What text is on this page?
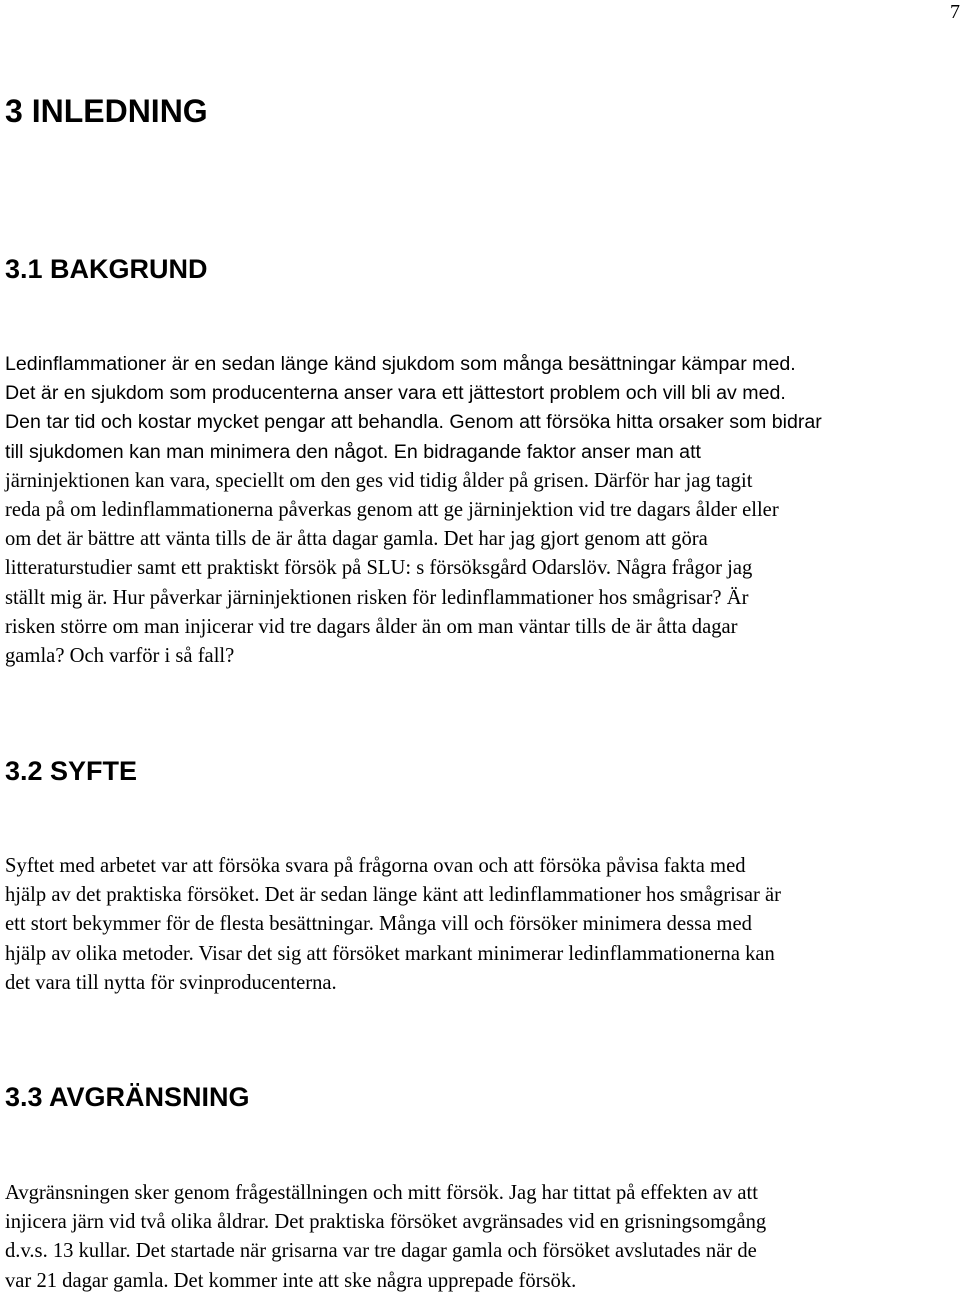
7
3 INLEDNING
3.1 BAKGRUND
Ledinflammationer är en sedan länge känd sjukdom som många besättningar kämpar med.
Det är en sjukdom som producenterna anser vara ett jättestort problem och vill bli av med.
Den tar tid och kostar mycket pengar att behandla. Genom att försöka hitta orsaker som bidrar
till sjukdomen kan man minimera den något. En bidragande faktor anser man att
järninjektionen kan vara, speciellt om den ges vid tidig ålder på grisen. Därför har jag tagit
reda på om ledinflammationerna påverkas genom att ge järninjektion vid tre dagars ålder eller
om det är bättre att vänta tills de är åtta dagar gamla. Det har jag gjort genom att göra
litteraturstudier samt ett praktiskt försök på SLU: s försöksgård Odarslöv. Några frågor jag
ställt mig är. Hur påverkar järninjektionen risken för ledinflammationer hos smågrisar? Är
risken större om man injicerar vid tre dagars ålder än om man väntar tills de är åtta dagar
gamla? Och varför i så fall?
3.2 SYFTE
Syftet med arbetet var att försöka svara på frågorna ovan och att försöka påvisa fakta med
hjälp av det praktiska försöket. Det är sedan länge känt att ledinflammationer hos smågrisar är
ett stort bekymmer för de flesta besättningar. Många vill och försöker minimera dessa med
hjälp av olika metoder. Visar det sig att försöket markant minimerar ledinflammationerna kan
det vara till nytta för svinproducenterna.
3.3 AVGRÄNSNING
Avgränsningen sker genom frågeställningen och mitt försök. Jag har tittat på effekten av att
injicera järn vid två olika åldrar. Det praktiska försöket avgränsades vid en grisningsomgång
d.v.s. 13 kullar. Det startade när grisarna var tre dagar gamla och försöket avslutades när de
var 21 dagar gamla. Det kommer inte att ske några upprepade försök.
